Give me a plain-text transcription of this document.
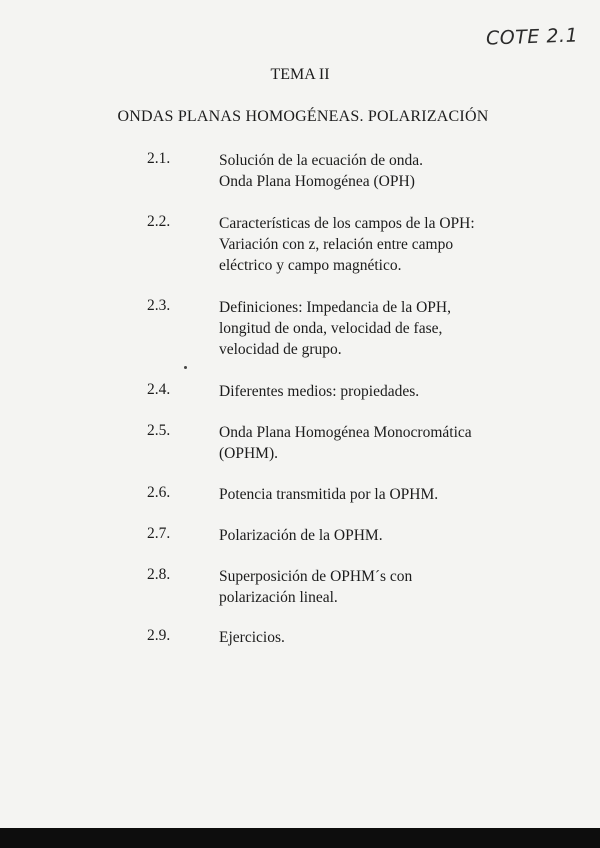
COTE 2.1
TEMA II
ONDAS PLANAS HOMOGÉNEAS. POLARIZACIÓN
2.1.	Solución de la ecuación de onda.
Onda Plana Homogénea (OPH)
2.2.	Características de los campos de la OPH:
Variación con z, relación entre campo
eléctrico y campo magnético.
2.3.	Definiciones: Impedancia de la OPH,
longitud de onda, velocidad de fase,
velocidad de grupo.
2.4.	Diferentes medios: propiedades.
2.5.	Onda Plana Homogénea Monocromática
(OPHM).
2.6.	Potencia transmitida por la OPHM.
2.7.	Polarización de la OPHM.
2.8.	Superposición de OPHM´s con
polarización lineal.
2.9.	Ejercicios.
